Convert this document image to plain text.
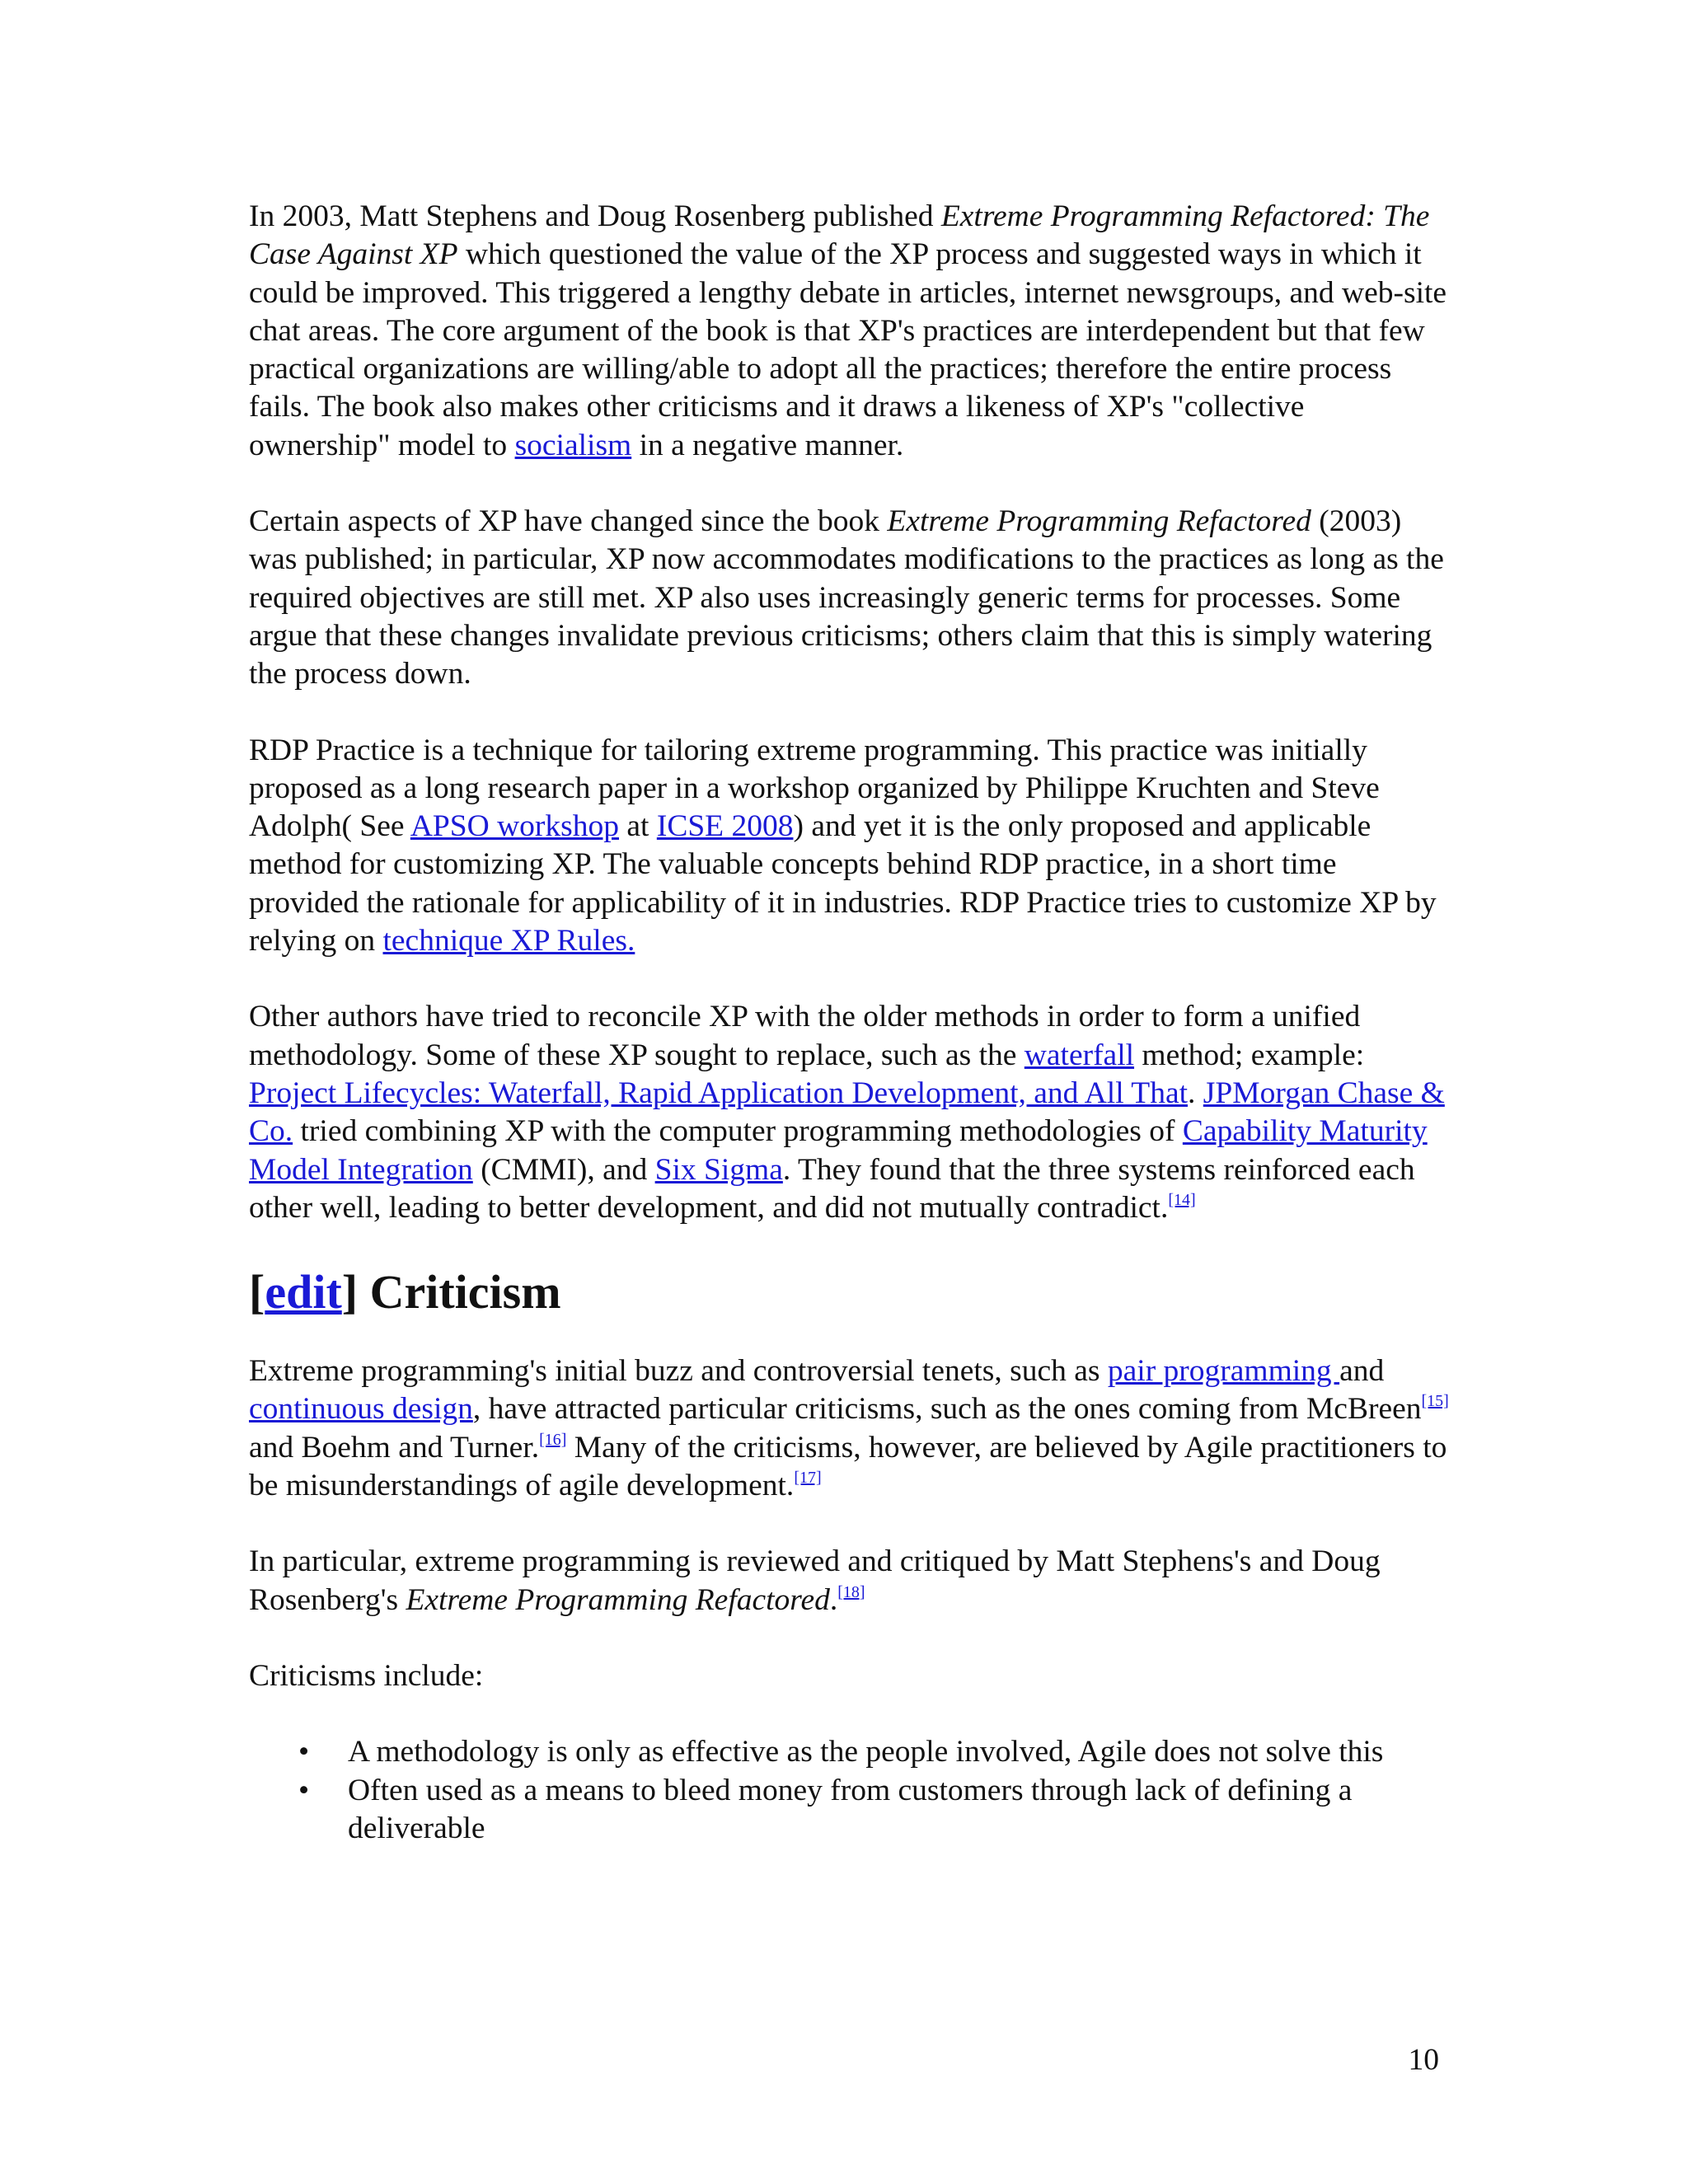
In 2003, Matt Stephens and Doug Rosenberg published Extreme Programming Refactored: The Case Against XP which questioned the value of the XP process and suggested ways in which it could be improved. This triggered a lengthy debate in articles, internet newsgroups, and web-site chat areas. The core argument of the book is that XP's practices are interdependent but that few practical organizations are willing/able to adopt all the practices; therefore the entire process fails. The book also makes other criticisms and it draws a likeness of XP's "collective ownership" model to socialism in a negative manner.

Certain aspects of XP have changed since the book Extreme Programming Refactored (2003) was published; in particular, XP now accommodates modifications to the practices as long as the required objectives are still met. XP also uses increasingly generic terms for processes. Some argue that these changes invalidate previous criticisms; others claim that this is simply watering the process down.

RDP Practice is a technique for tailoring extreme programming. This practice was initially proposed as a long research paper in a workshop organized by Philippe Kruchten and Steve Adolph( See APSO workshop at ICSE 2008) and yet it is the only proposed and applicable method for customizing XP. The valuable concepts behind RDP practice, in a short time provided the rationale for applicability of it in industries. RDP Practice tries to customize XP by relying on technique XP Rules.

Other authors have tried to reconcile XP with the older methods in order to form a unified methodology. Some of these XP sought to replace, such as the waterfall method; example: Project Lifecycles: Waterfall, Rapid Application Development, and All That. JPMorgan Chase & Co. tried combining XP with the computer programming methodologies of Capability Maturity Model Integration (CMMI), and Six Sigma. They found that the three systems reinforced each other well, leading to better development, and did not mutually contradict.[14]

[edit] Criticism

Extreme programming's initial buzz and controversial tenets, such as pair programming and continuous design, have attracted particular criticisms, such as the ones coming from McBreen[15] and Boehm and Turner.[16] Many of the criticisms, however, are believed by Agile practitioners to be misunderstandings of agile development.[17]

In particular, extreme programming is reviewed and critiqued by Matt Stephens's and Doug Rosenberg's Extreme Programming Refactored.[18]

Criticisms include:

• A methodology is only as effective as the people involved, Agile does not solve this
• Often used as a means to bleed money from customers through lack of defining a deliverable
10
